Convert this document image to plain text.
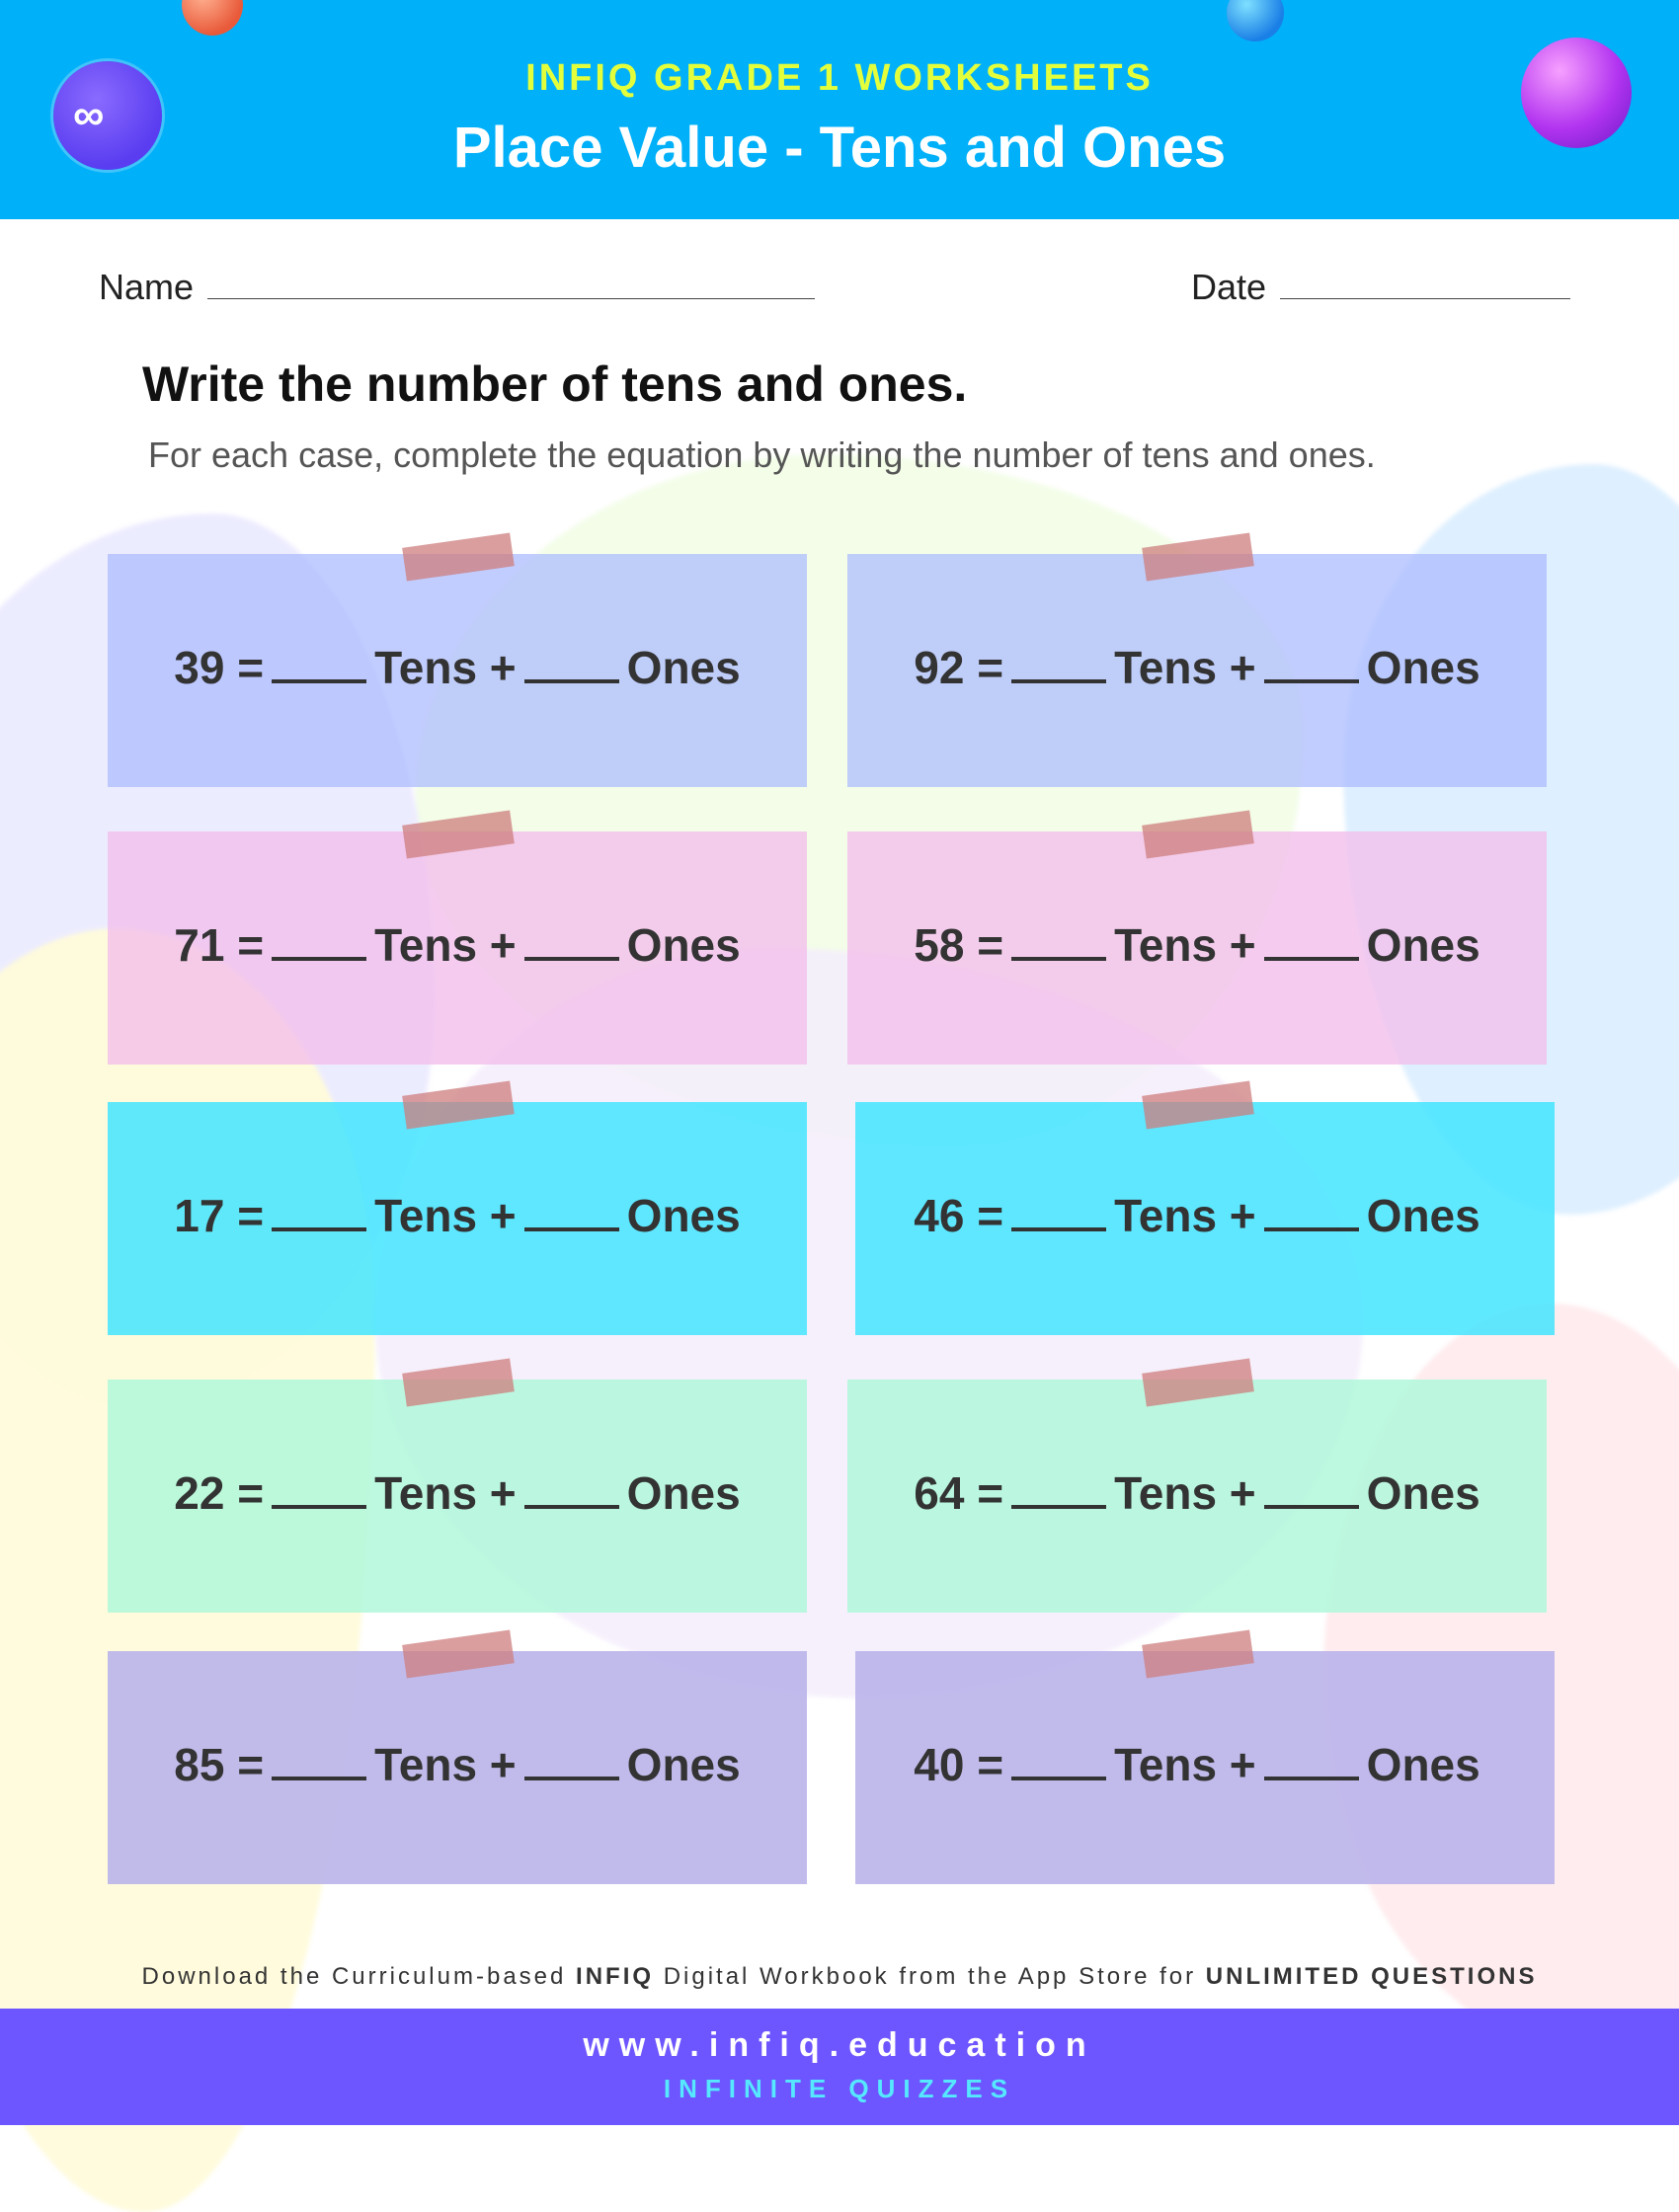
∞
INFIQ GRADE 1 WORKSHEETS
Place Value - Tens and Ones
Name	Date
Write the number of tens and ones.
For each case, complete the equation by writing the number of tens and ones.
39 = Tens + Ones	92 = Tens + Ones
71 = Tens + Ones	58 = Tens + Ones
17 = Tens + Ones	46 = Tens + Ones
22 = Tens + Ones	64 = Tens + Ones
85 = Tens + Ones	40 = Tens + Ones
Download the Curriculum-based INFIQ Digital Workbook from the App Store for UNLIMITED QUESTIONS
www.infiq.education
INFINITE QUIZZES
